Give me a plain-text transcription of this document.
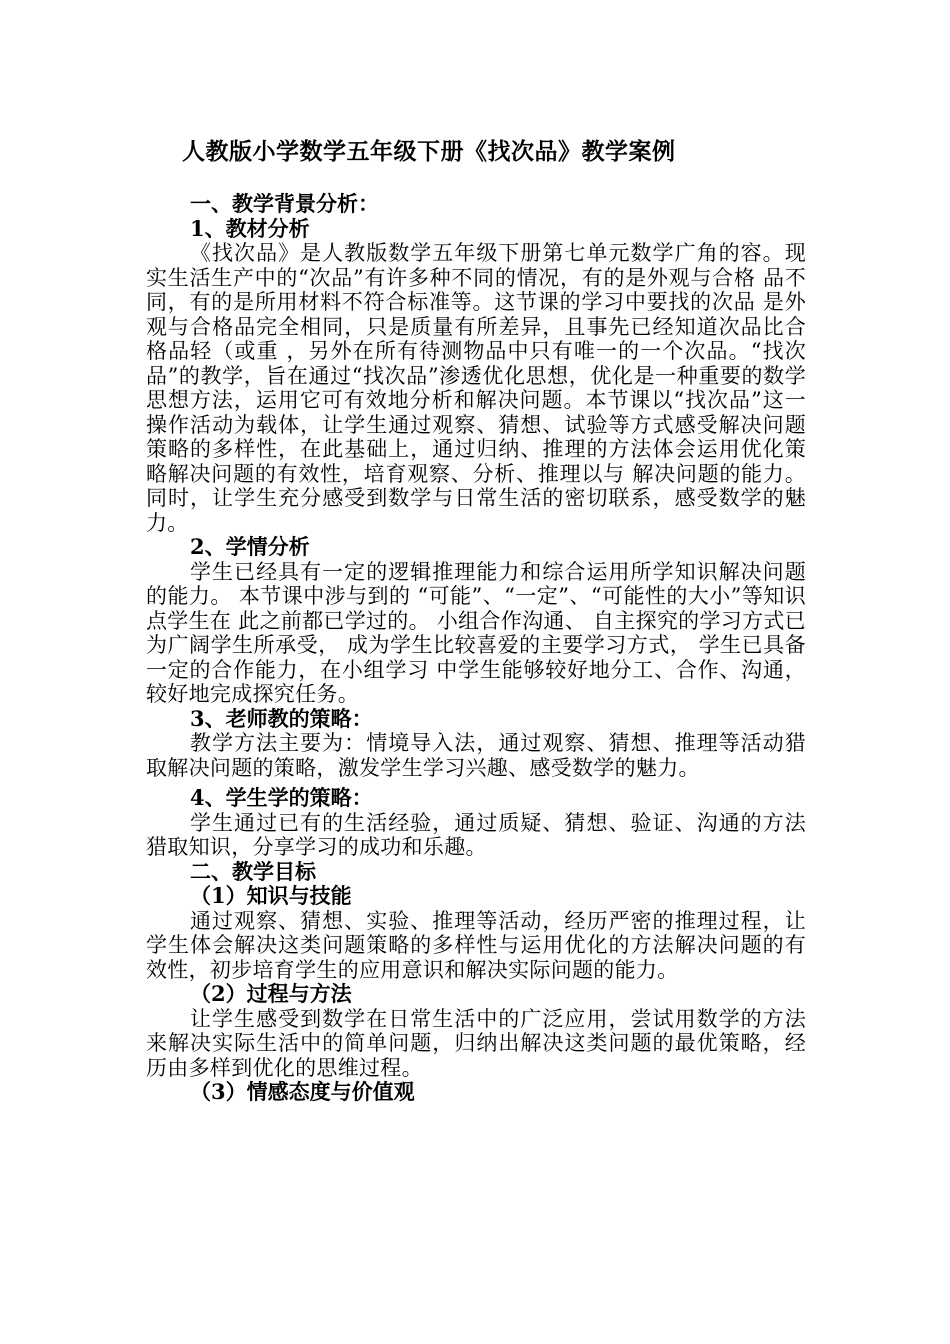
人教版小学数学五年级下册《找次品》教学案例
一、教学背景分析：
1、教材分析
《找次品》是人教版数学五年级下册第七单元数学广角的容。现实生活生产中的“次品”有许多种不同的情况，有的是外观与合格 品不同，有的是所用材料不符合标准等。这节课的学习中要找的次品 是外观与合格品完全相同，只是质量有所差异，且事先已经知道次品比合格品轻（或重 ，另外在所有待测物品中只有唯一的一个次品。“找次品”的教学，旨在通过“找次品”渗透优化思想，优化是一种重要的数学思想方法，运用它可有效地分析和解决问题。本节课以“找次品”这一操作活动为载体，让学生通过观察、猜想、试验等方式感受解决问题策略的多样性，在此基础上，通过归纳、推理的方法体会运用优化策略解决问题的有效性，培育观察、分析、推理以与 解决问题的能力。同时，让学生充分感受到数学与日常生活的密切联系，感受数学的魅力。
2、学情分析
学生已经具有一定的逻辑推理能力和综合运用所学知识解决问题的能力。 本节课中涉与到的 “可能”、“一定”、“可能性的大小”等知识点学生在 此之前都已学过的。 小组合作沟通、 自主探究的学习方式已为广阔学生所承受， 成为学生比较喜爱的主要学习方式， 学生已具备一定的合作能力，在小组学习 中学生能够较好地分工、合作、沟通，较好地完成探究任务。
3、老师教的策略：
教学方法主要为：情境导入法，通过观察、猜想、推理等活动猎取解决问题的策略，激发学生学习兴趣、感受数学的魅力。
4、学生学的策略：
学生通过已有的生活经验，通过质疑、猜想、验证、沟通的方法猎取知识，分享学习的成功和乐趣。
二、教学目标
（1）知识与技能
通过观察、猜想、实验、推理等活动，经历严密的推理过程，让学生体会解决这类问题策略的多样性与运用优化的方法解决问题的有效性，初步培育学生的应用意识和解决实际问题的能力。
（2）过程与方法
让学生感受到数学在日常生活中的广泛应用，尝试用数学的方法来解决实际生活中的简单问题，归纳出解决这类问题的最优策略，经历由多样到优化的思维过程。
（3）情感态度与价值观
